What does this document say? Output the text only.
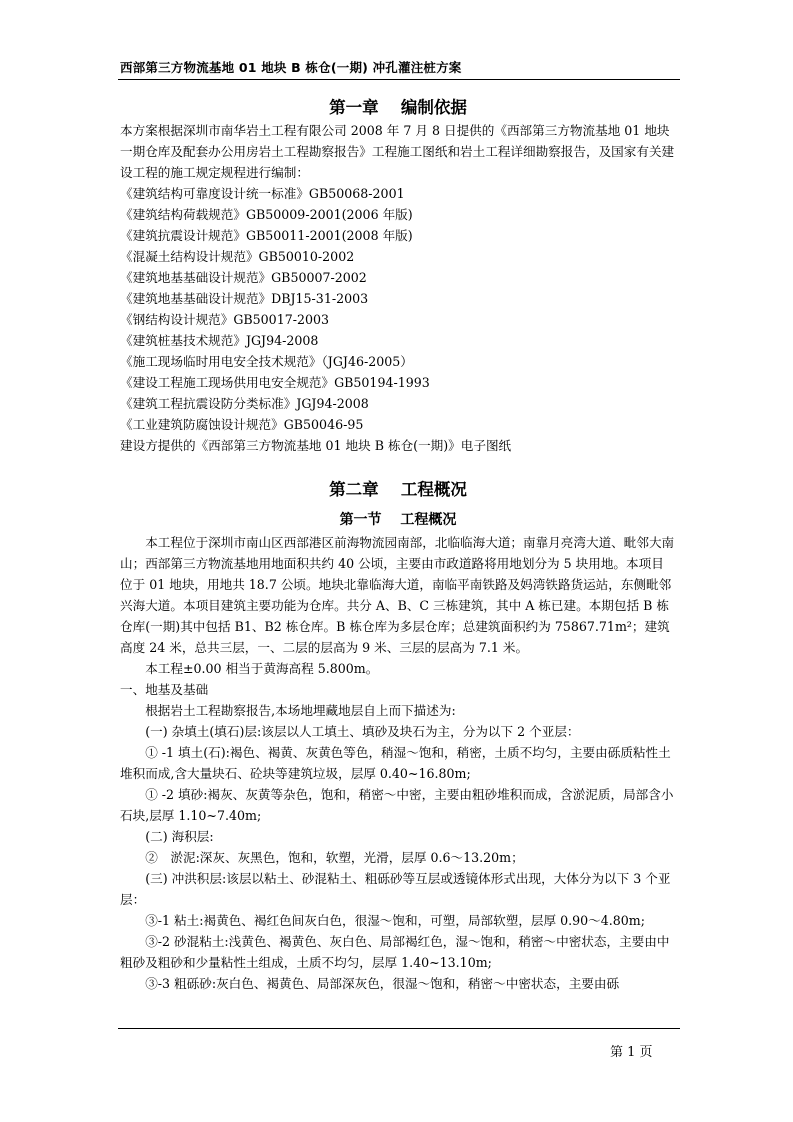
西部第三方物流基地 01 地块 B 栋仓(一期) 冲孔灌注桩方案
第一章　 编制依据

本方案根据深圳市南华岩土工程有限公司 2008 年 7 月 8 日提供的《西部第三方物流基地 01 地块一期仓库及配套办公用房岩土工程勘察报告》工程施工图纸和岩土工程详细勘察报告，及国家有关建设工程的施工规定规程进行编制：

《建筑结构可靠度设计统一标准》GB50068-2001

《建筑结构荷载规范》GB50009-2001(2006 年版)

《建筑抗震设计规范》GB50011-2001(2008 年版)

《混凝土结构设计规范》GB50010-2002

《建筑地基基础设计规范》GB50007-2002

《建筑地基基础设计规范》DBJ15-31-2003

《钢结构设计规范》GB50017-2003

《建筑桩基技术规范》JGJ94-2008

《施工现场临时用电安全技术规范》（JGJ46-2005）

《建设工程施工现场供用电安全规范》GB50194-1993

《建筑工程抗震设防分类标准》JGJ94-2008

《工业建筑防腐蚀设计规范》GB50046-95

建设方提供的《西部第三方物流基地 01 地块 B 栋仓(一期)》电子图纸

第二章　 工程概况
第一节　 工程概况

本工程位于深圳市南山区西部港区前海物流园南部，北临临海大道；南靠月亮湾大道、毗邻大南山；西部第三方物流基地用地面积共约 40 公顷，主要由市政道路将用地划分为 5 块用地。本项目位于 01 地块，用地共 18.7 公顷。地块北靠临海大道，南临平南铁路及妈湾铁路货运站，东侧毗邻兴海大道。本项目建筑主要功能为仓库。共分 A、B、C 三栋建筑，其中 A 栋已建。本期包括 B 栋仓库(一期)其中包括 B1、B2 栋仓库。B 栋仓库为多层仓库；总建筑面积约为 75867.71m²；建筑高度 24 米，总共三层，一、二层的层高为 9 米、三层的层高为 7.1 米。

本工程±0.00 相当于黄海高程 5.800m。

一、地基及基础

根据岩土工程勘察报告,本场地埋藏地层自上而下描述为:

(一) 杂填土(填石)层:该层以人工填土、填砂及块石为主，分为以下 2 个亚层：

① -1 填土(石):褐色、褐黄、灰黄色等色，稍湿～饱和，稍密，土质不均匀，主要由砾质粘性土堆积而成,含大量块石、砼块等建筑垃圾，层厚 0.40~16.80m;

① -2 填砂:褐灰、灰黄等杂色，饱和，稍密～中密，主要由粗砂堆积而成，含淤泥质，局部含小石块,层厚 1.10~7.40m;

(二) 海积层:

②　淤泥:深灰、灰黑色，饱和，软塑，光滑，层厚 0.6～13.20m；

(三) 冲洪积层:该层以粘土、砂混粘土、粗砾砂等互层或透镜体形式出现，大体分为以下 3 个亚层：

③-1 粘土:褐黄色、褐红色间灰白色，很湿～饱和，可塑，局部软塑，层厚 0.90～4.80m;

③-2 砂混粘土:浅黄色、褐黄色、灰白色、局部褐红色，湿～饱和，稍密～中密状态，主要由中粗砂及粗砂和少量粘性土组成，土质不均匀，层厚 1.40~13.10m;

③-3 粗砾砂:灰白色、褐黄色、局部深灰色，很湿～饱和，稍密～中密状态，主要由砾

第 1 页
